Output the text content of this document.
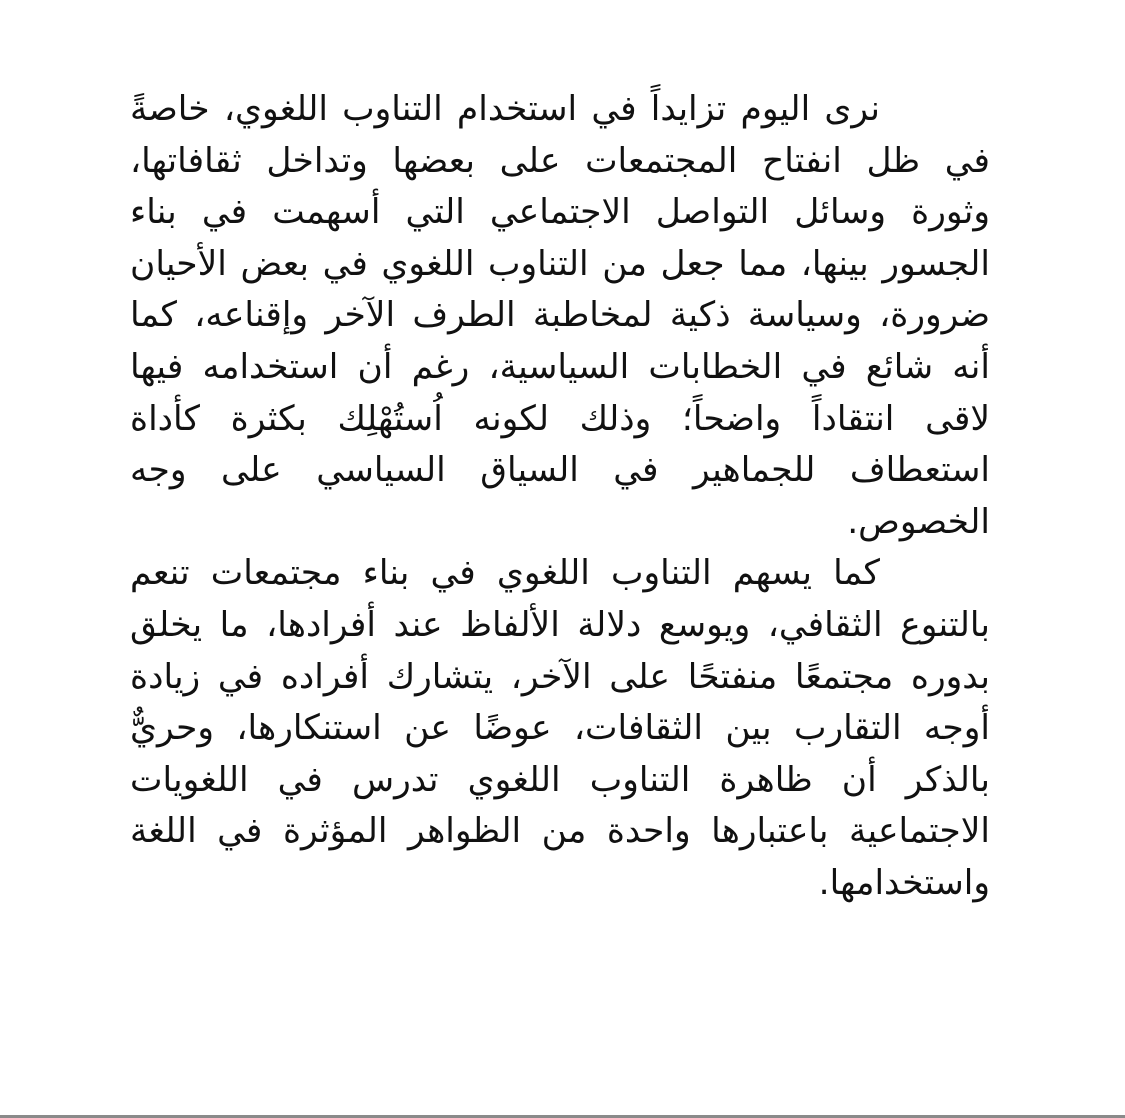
نرى اليوم تزايداً في استخدام التناوب اللغوي، خاصةً في ظل انفتاح المجتمعات على بعضها وتداخل ثقافاتها، وثورة وسائل التواصل الاجتماعي التي أسهمت في بناء الجسور بينها، مما جعل من التناوب اللغوي في بعض الأحيان ضرورة، وسياسة ذكية لمخاطبة الطرف الآخر وإقناعه، كما أنه شائع في الخطابات السياسية، رغم أن استخدامه فيها لاقى انتقاداً واضحاً؛ وذلك لكونه اُستُهْلِك بكثرة كأداة استعطاف للجماهير في السياق السياسي على وجه الخصوص.

كما يسهم التناوب اللغوي في بناء مجتمعات تنعم بالتنوع الثقافي، ويوسع دلالة الألفاظ عند أفرادها، ما يخلق بدوره مجتمعًا منفتحًا على الآخر، يتشارك أفراده في زيادة أوجه التقارب بين الثقافات، عوضًا عن استنكارها، وحريٌّ بالذكر أن ظاهرة التناوب اللغوي تدرس في اللغويات الاجتماعية باعتبارها واحدة من الظواهر المؤثرة في اللغة واستخدامها.
